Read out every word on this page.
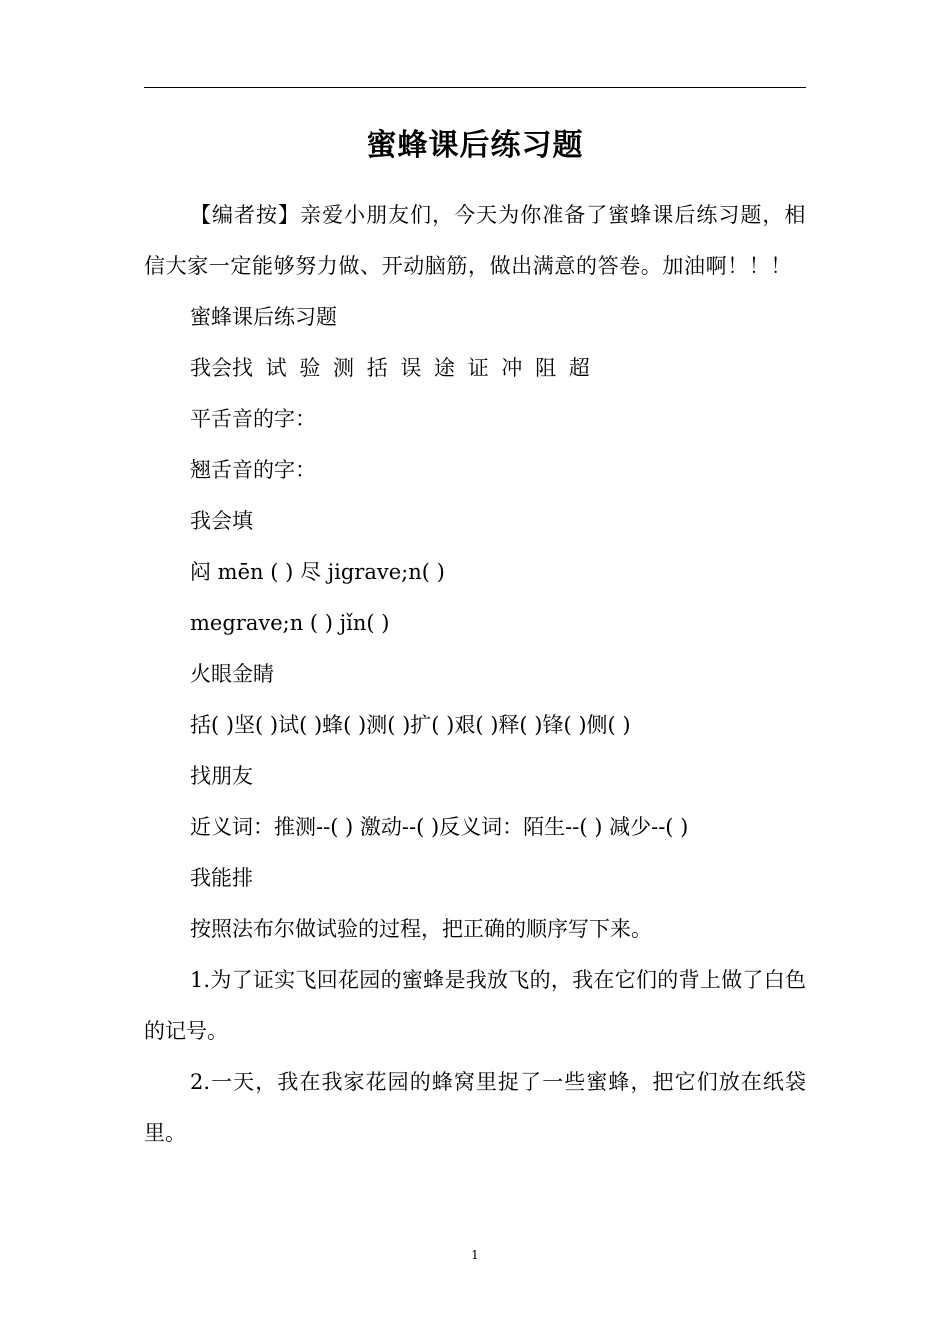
蜜蜂课后练习题

【编者按】亲爱小朋友们，今天为你准备了蜜蜂课后练习题，相信大家一定能够努力做、开动脑筋，做出满意的答卷。加油啊！！！

蜜蜂课后练习题

我会找 试 验 测 括 误 途 证 冲 阻 超

平舌音的字：

翘舌音的字：

我会填

闷 mēn ( ) 尽 jigrave;n( )

megrave;n ( ) jǐn( )

火眼金睛

括( )坚( )试( )蜂( )测( )扩( )艰( )释( )锋( )侧( )

找朋友

近义词：推测--( ) 激动--( )反义词：陌生--( ) 减少--( )

我能排

按照法布尔做试验的过程，把正确的顺序写下来。

1.为了证实飞回花园的蜜蜂是我放飞的，我在它们的背上做了白色的记号。

2.一天，我在我家花园的蜂窝里捉了一些蜜蜂，把它们放在纸袋里。

1
